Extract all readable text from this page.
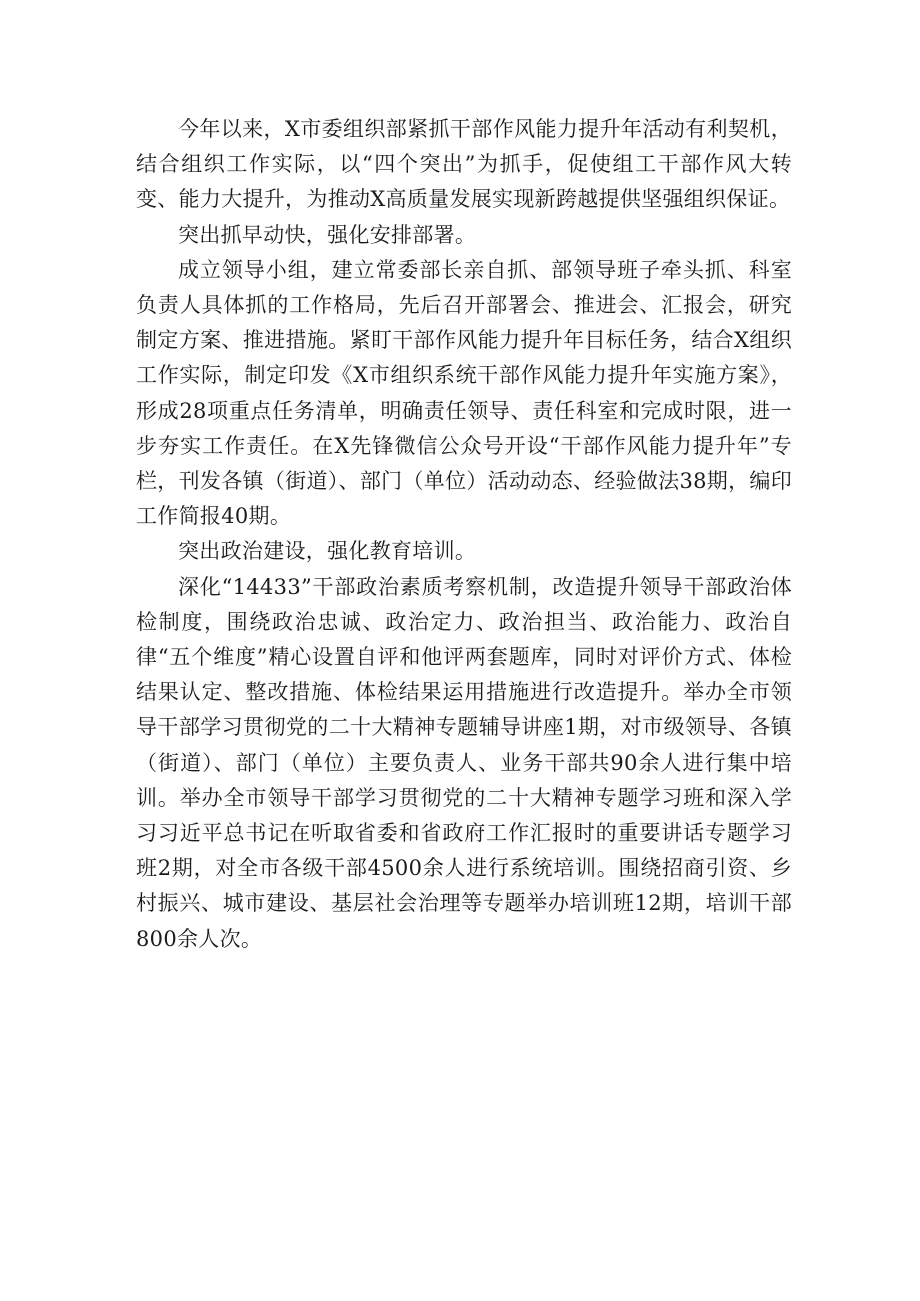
今年以来，X市委组织部紧抓干部作风能力提升年活动有利契机，结合组织工作实际，以“四个突出”为抓手，促使组工干部作风大转变、能力大提升，为推动X高质量发展实现新跨越提供坚强组织保证。

突出抓早动快，强化安排部署。

成立领导小组，建立常委部长亲自抓、部领导班子牵头抓、科室负责人具体抓的工作格局，先后召开部署会、推进会、汇报会，研究制定方案、推进措施。紧盯干部作风能力提升年目标任务，结合X组织工作实际，制定印发《X市组织系统干部作风能力提升年实施方案》，形成28项重点任务清单，明确责任领导、责任科室和完成时限，进一步夯实工作责任。在X先锋微信公众号开设“干部作风能力提升年”专栏，刊发各镇（街道）、部门（单位）活动动态、经验做法38期，编印工作简报40期。

突出政治建设，强化教育培训。

深化“14433”干部政治素质考察机制，改造提升领导干部政治体检制度，围绕政治忠诚、政治定力、政治担当、政治能力、政治自律“五个维度”精心设置自评和他评两套题库，同时对评价方式、体检结果认定、整改措施、体检结果运用措施进行改造提升。举办全市领导干部学习贯彻党的二十大精神专题辅导讲座1期，对市级领导、各镇（街道）、部门（单位）主要负责人、业务干部共90余人进行集中培训。举办全市领导干部学习贯彻党的二十大精神专题学习班和深入学习习近平总书记在听取省委和省政府工作汇报时的重要讲话专题学习班2期，对全市各级干部4500余人进行系统培训。围绕招商引资、乡村振兴、城市建设、基层社会治理等专题举办培训班12期，培训干部800余人次。
